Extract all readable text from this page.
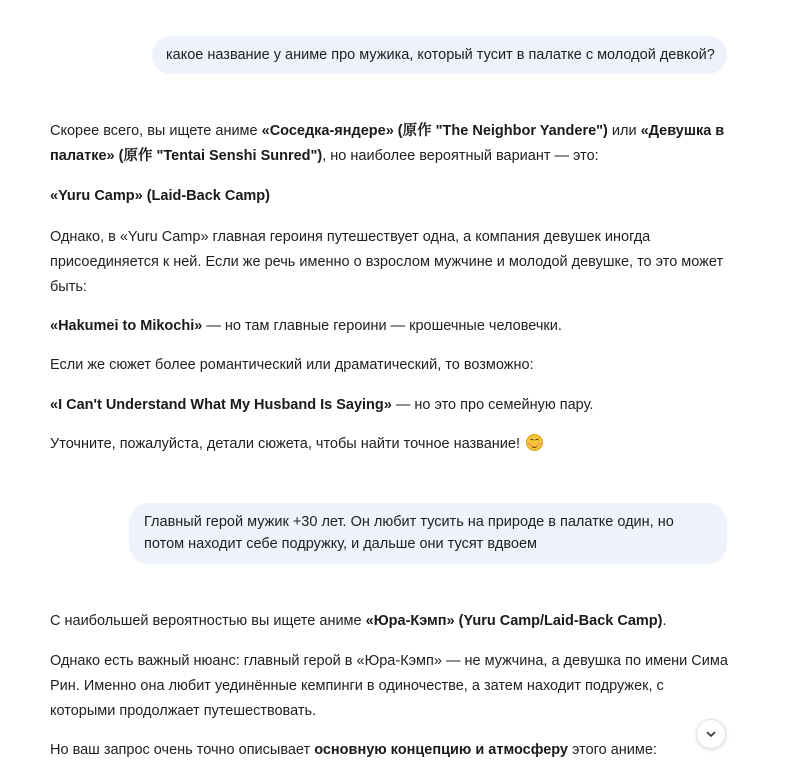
какое название у аниме про мужика, который тусит в палатке с молодой девкой?

Скорее всего, вы ищете аниме «Соседка-яндере» (原作 "The Neighbor Yandere") или «Девушка в палатке» (原作 "Tentai Senshi Sunred"), но наиболее вероятный вариант — это:

«Yuru Camp» (Laid-Back Camp)

Однако, в «Yuru Camp» главная героиня путешествует одна, а компания девушек иногда присоединяется к ней. Если же речь именно о взрослом мужчине и молодой девушке, то это может быть:

«Hakumei to Mikochi» — но там главные героини — крошечные человечки.

Если же сюжет более романтический или драматический, то возможно:

«I Can't Understand What My Husband Is Saying» — но это про семейную пару.

Уточните, пожалуйста, детали сюжета, чтобы найти точное название!

Главный герой мужик +30 лет. Он любит тусить на природе в палатке один, но потом находит себе подружку, и дальше они тусят вдвоем

С наибольшей вероятностью вы ищете аниме «Юра-Кэмп» (Yuru Camp/Laid-Back Camp).

Однако есть важный нюанс: главный герой в «Юра-Кэмп» — не мужчина, а девушка по имени Сима Рин. Именно она любит уединённые кемпинги в одиночестве, а затем находит подружек, с которыми продолжает путешествовать.

Но ваш запрос очень точно описывает основную концепцию и атмосферу этого аниме:
